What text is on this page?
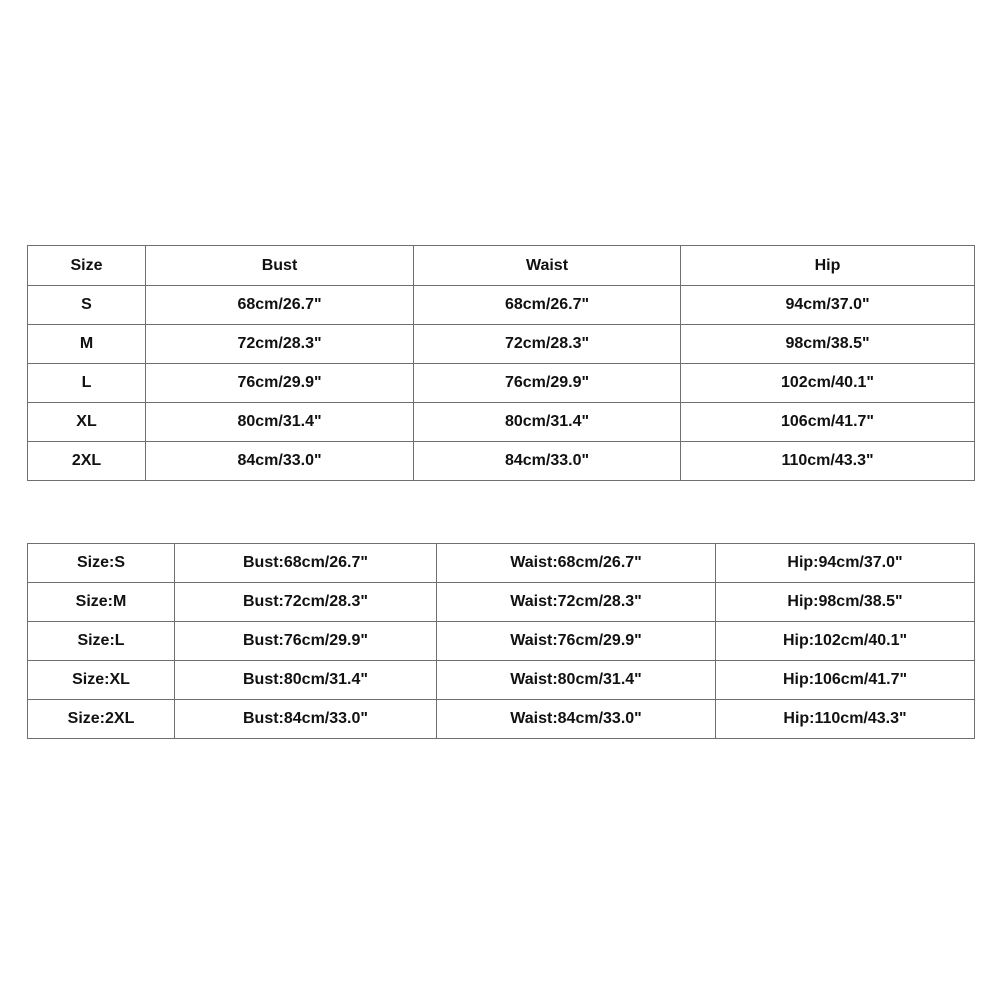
Size	Bust	Waist	Hip
S	68cm/26.7"	68cm/26.7"	94cm/37.0"
M	72cm/28.3"	72cm/28.3"	98cm/38.5"
L	76cm/29.9"	76cm/29.9"	102cm/40.1"
XL	80cm/31.4"	80cm/31.4"	106cm/41.7"
2XL	84cm/33.0"	84cm/33.0"	110cm/43.3"
Size:S	Bust:68cm/26.7"	Waist:68cm/26.7"	Hip:94cm/37.0"
Size:M	Bust:72cm/28.3"	Waist:72cm/28.3"	Hip:98cm/38.5"
Size:L	Bust:76cm/29.9"	Waist:76cm/29.9"	Hip:102cm/40.1"
Size:XL	Bust:80cm/31.4"	Waist:80cm/31.4"	Hip:106cm/41.7"
Size:2XL	Bust:84cm/33.0"	Waist:84cm/33.0"	Hip:110cm/43.3"
